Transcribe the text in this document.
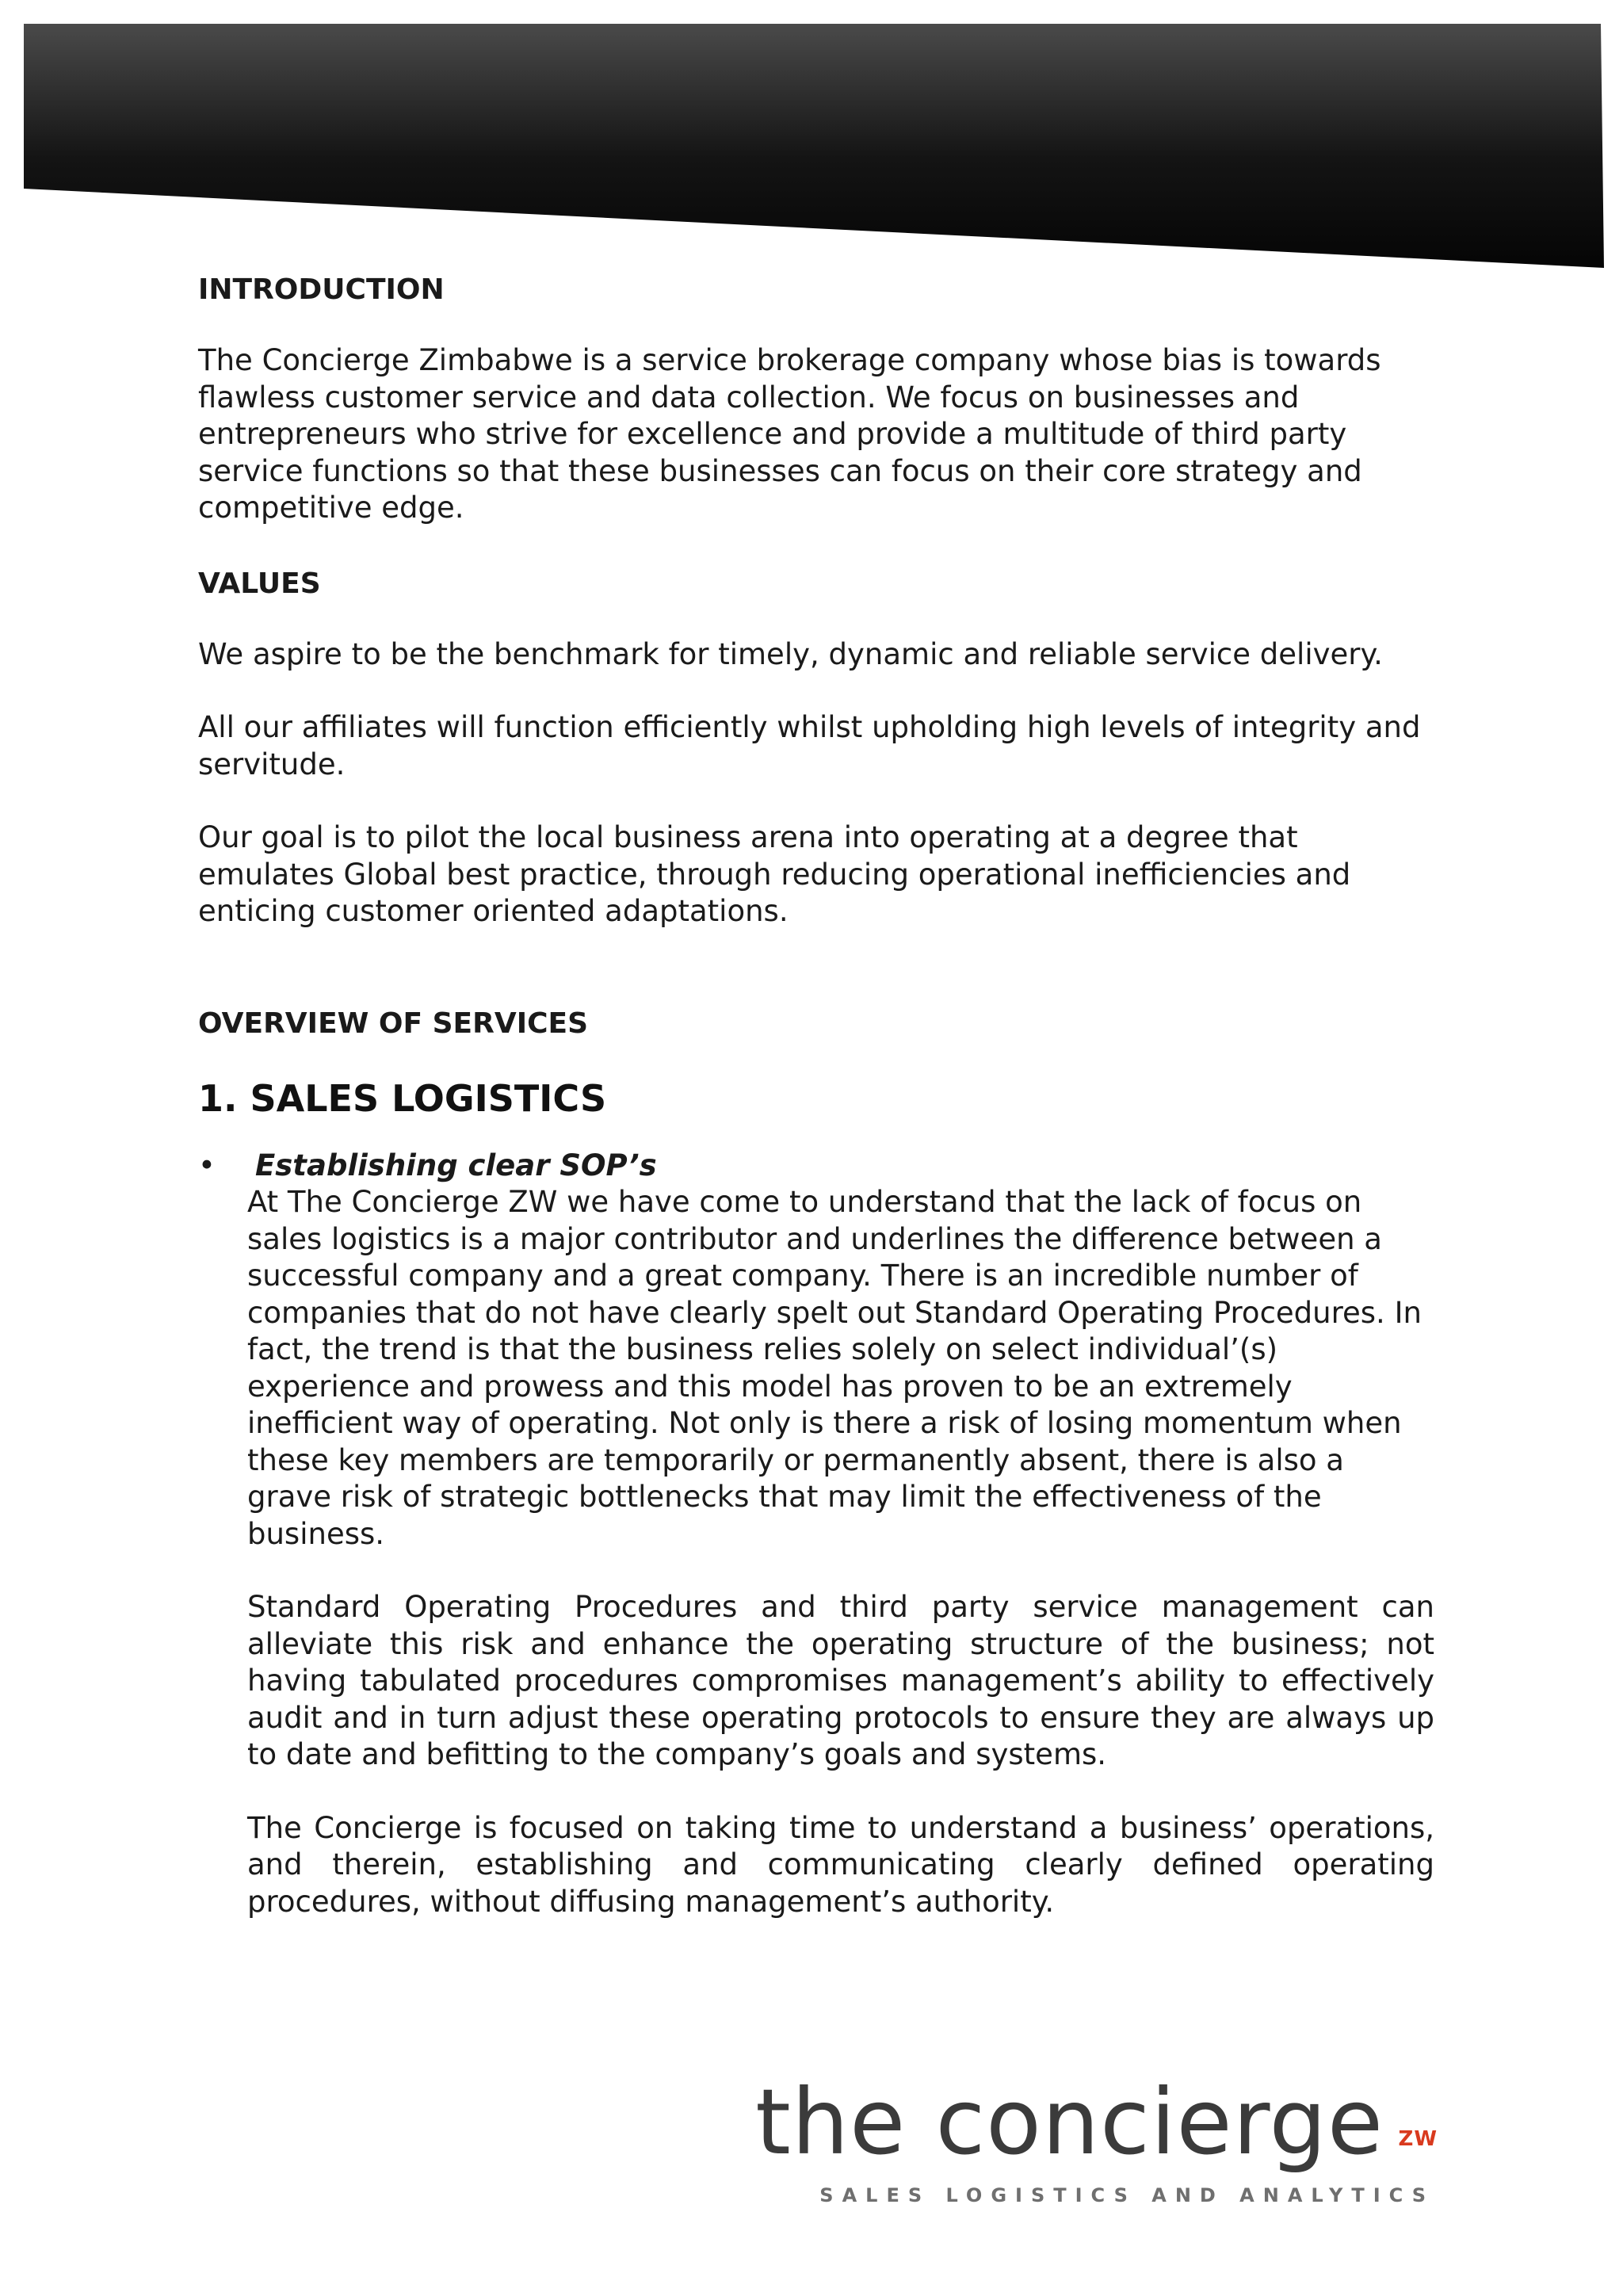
INTRODUCTION

The Concierge Zimbabwe is a service brokerage company whose bias is towards flawless customer service and data collection. We focus on businesses and entrepreneurs who strive for excellence and provide a multitude of third party service functions so that these businesses can focus on their core strategy and competitive edge.

VALUES

We aspire to be the benchmark for timely, dynamic and reliable service delivery.

All our affiliates will function efficiently whilst upholding high levels of integrity and servitude.

Our goal is to pilot the local business arena into operating at a degree that emulates Global best practice, through reducing operational inefficiencies and enticing customer oriented adaptations.

OVERVIEW OF SERVICES
1. SALES LOGISTICS
• Establishing clear SOP’s

At The Concierge ZW we have come to understand that the lack of focus on sales logistics is a major contributor and underlines the difference between a successful company and a great company. There is an incredible number of companies that do not have clearly spelt out Standard Operating Procedures. In fact, the trend is that the business relies solely on select individual’(s) experience and prowess and this model has proven to be an extremely inefficient way of operating. Not only is there a risk of losing momentum when these key members are temporarily or permanently absent, there is also a grave risk of strategic bottlenecks that may limit the effectiveness of the business.

Standard Operating Procedures and third party service management can alleviate this risk and enhance the operating structure of the business; not having tabulated procedures compromises management’s ability to effectively audit and in turn adjust these operating protocols to ensure they are always up to date and befitting to the company’s goals and systems.

The Concierge is focused on taking time to understand a business’ operations, and therein, establishing and communicating clearly defined operating procedures, without diffusing management’s authority.

the concierge ZW
SALES LOGISTICS AND ANALYTICS
